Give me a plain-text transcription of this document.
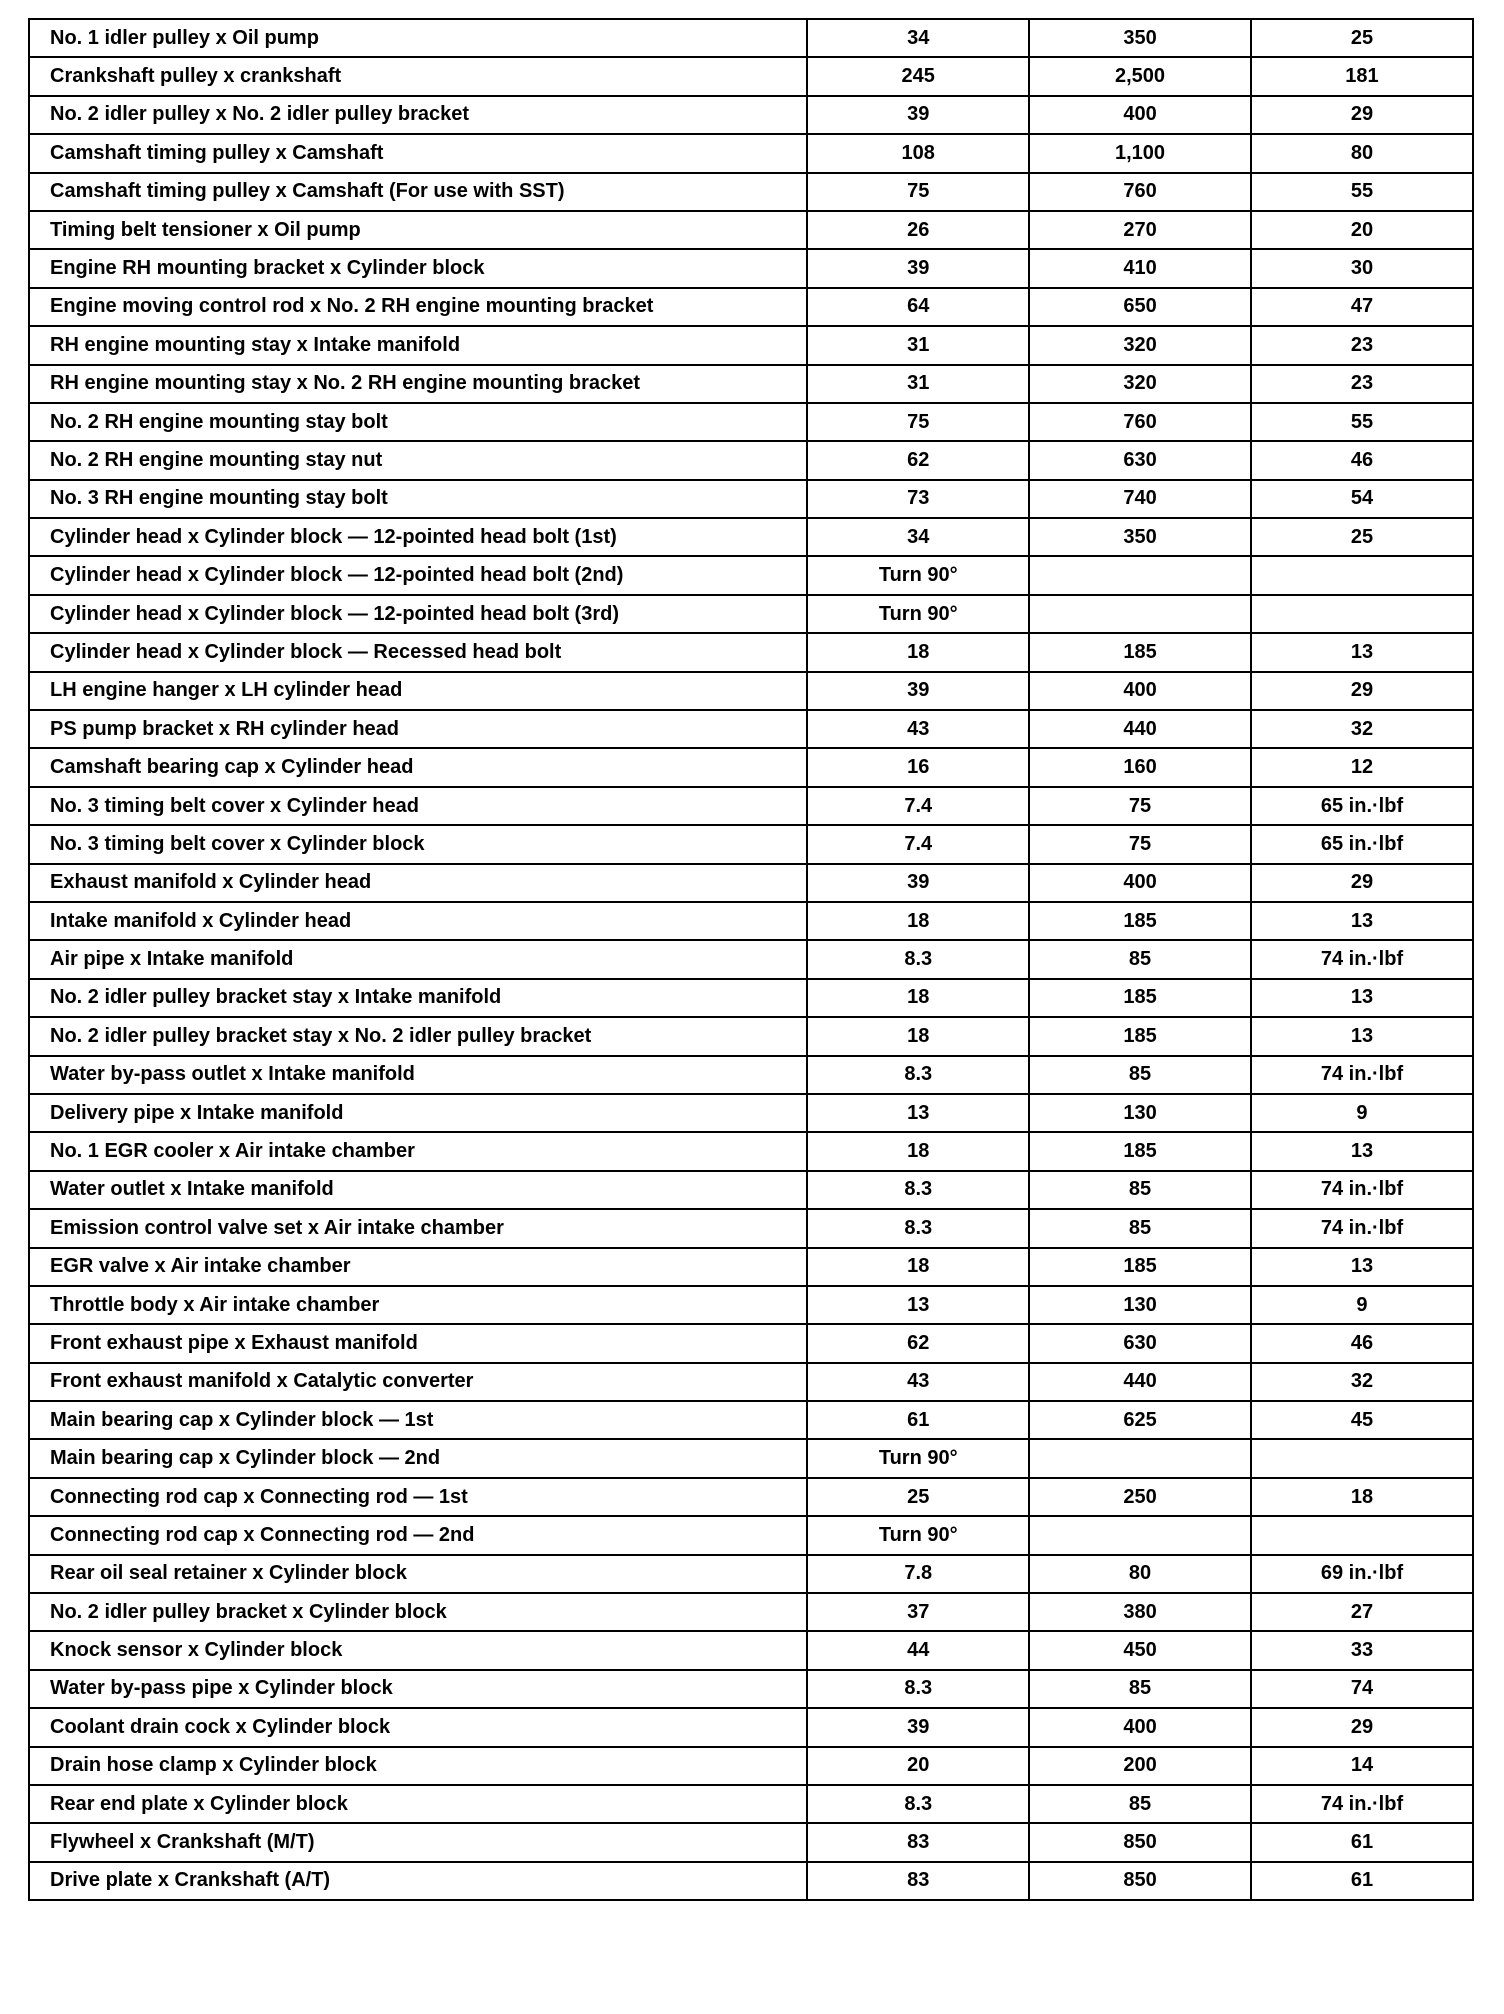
No. 1 idler pulley x Oil pump	34	350	25
Crankshaft pulley x crankshaft	245	2,500	181
No. 2 idler pulley x No. 2 idler pulley bracket	39	400	29
Camshaft timing pulley x Camshaft	108	1,100	80
Camshaft timing pulley x Camshaft (For use with SST)	75	760	55
Timing belt tensioner x Oil pump	26	270	20
Engine RH mounting bracket x Cylinder block	39	410	30
Engine moving control rod x No. 2 RH engine mounting bracket	64	650	47
RH engine mounting stay x Intake manifold	31	320	23
RH engine mounting stay x No. 2 RH engine mounting bracket	31	320	23
No. 2 RH engine mounting stay bolt	75	760	55
No. 2 RH engine mounting stay nut	62	630	46
No. 3 RH engine mounting stay bolt	73	740	54
Cylinder head x Cylinder block — 12-pointed head bolt (1st)	34	350	25
Cylinder head x Cylinder block — 12-pointed head bolt (2nd)	Turn 90°		
Cylinder head x Cylinder block — 12-pointed head bolt (3rd)	Turn 90°		
Cylinder head x Cylinder block — Recessed head bolt	18	185	13
LH engine hanger x LH cylinder head	39	400	29
PS pump bracket x RH cylinder head	43	440	32
Camshaft bearing cap x Cylinder head	16	160	12
No. 3 timing belt cover x Cylinder head	7.4	75	65 in.·lbf
No. 3 timing belt cover x Cylinder block	7.4	75	65 in.·lbf
Exhaust manifold x Cylinder head	39	400	29
Intake manifold x Cylinder head	18	185	13
Air pipe x Intake manifold	8.3	85	74 in.·lbf
No. 2 idler pulley bracket stay x Intake manifold	18	185	13
No. 2 idler pulley bracket stay x No. 2 idler pulley bracket	18	185	13
Water by-pass outlet x Intake manifold	8.3	85	74 in.·lbf
Delivery pipe x Intake manifold	13	130	9
No. 1 EGR cooler x Air intake chamber	18	185	13
Water outlet x Intake manifold	8.3	85	74 in.·lbf
Emission control valve set x Air intake chamber	8.3	85	74 in.·lbf
EGR valve x Air intake chamber	18	185	13
Throttle body x Air intake chamber	13	130	9
Front exhaust pipe x Exhaust manifold	62	630	46
Front exhaust manifold x Catalytic converter	43	440	32
Main bearing cap x Cylinder block — 1st	61	625	45
Main bearing cap x Cylinder block — 2nd	Turn 90°		
Connecting rod cap x Connecting rod — 1st	25	250	18
Connecting rod cap x Connecting rod — 2nd	Turn 90°		
Rear oil seal retainer x Cylinder block	7.8	80	69 in.·lbf
No. 2 idler pulley bracket x Cylinder block	37	380	27
Knock sensor x Cylinder block	44	450	33
Water by-pass pipe x Cylinder block	8.3	85	74
Coolant drain cock x Cylinder block	39	400	29
Drain hose clamp x Cylinder block	20	200	14
Rear end plate x Cylinder block	8.3	85	74 in.·lbf
Flywheel x Crankshaft (M/T)	83	850	61
Drive plate x Crankshaft (A/T)	83	850	61
